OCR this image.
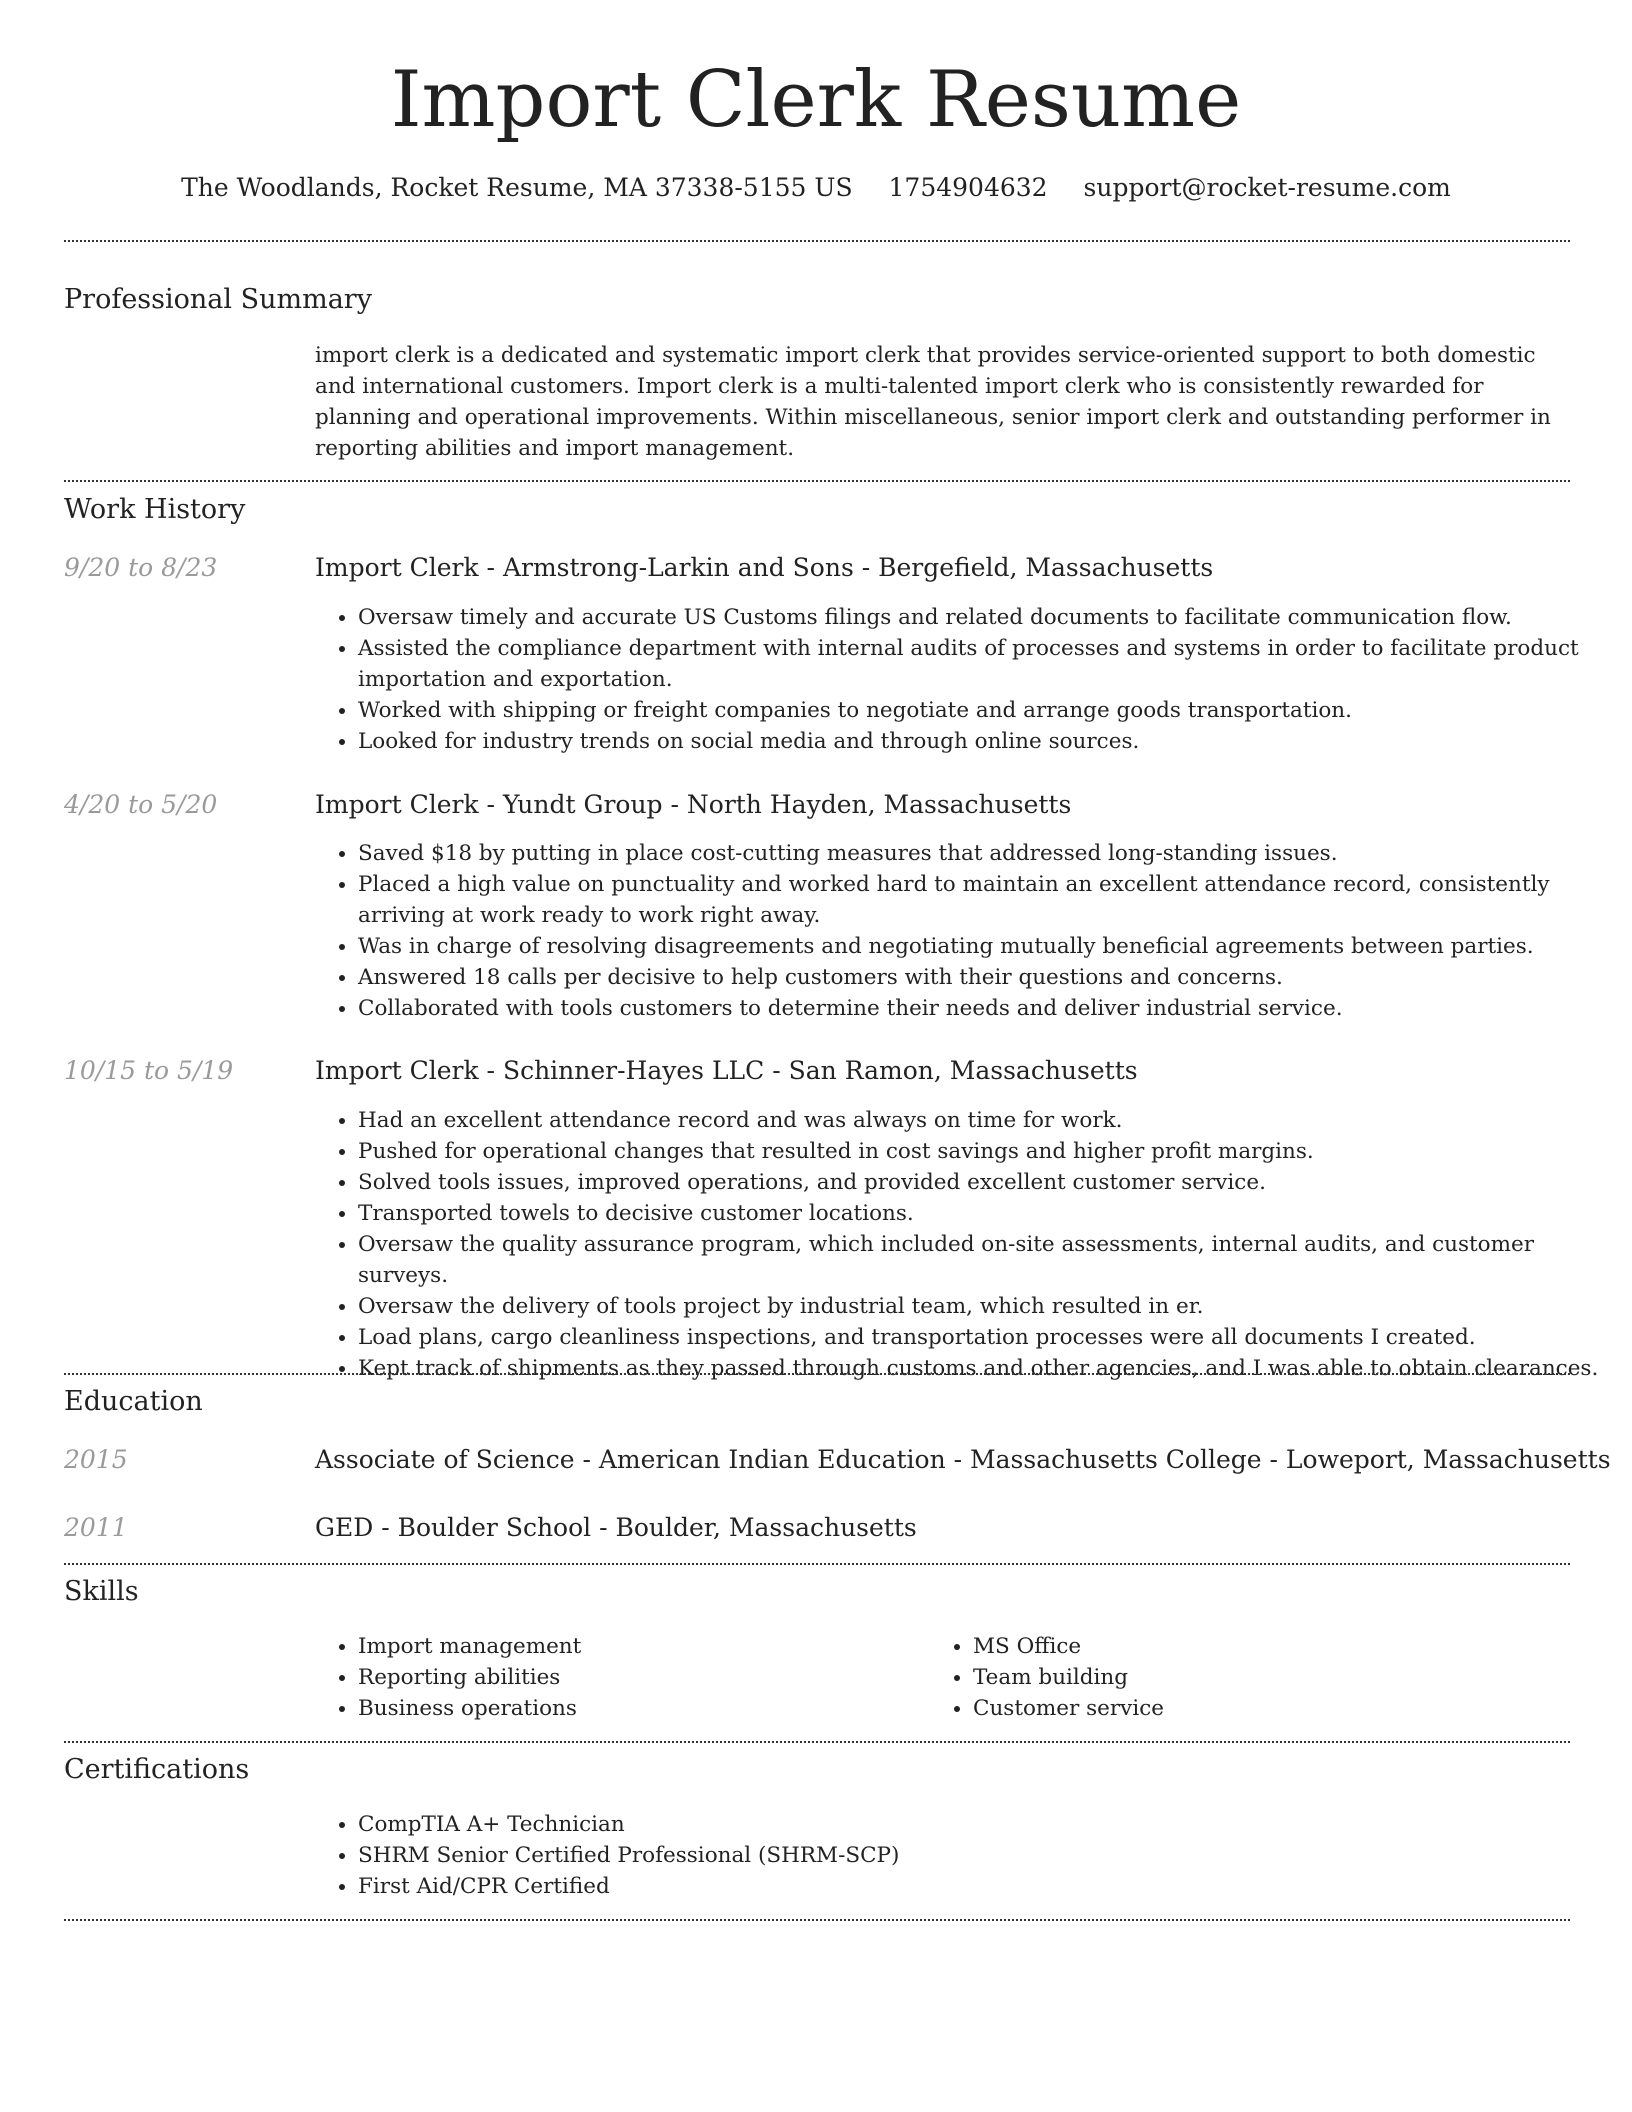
Import Clerk Resume
The Woodlands, Rocket Resume, MA 37338-5155 US 1754904632 support@rocket-resume.com
Professional Summary

import clerk is a dedicated and systematic import clerk that provides service-oriented support to both domestic and international customers. Import clerk is a multi-talented import clerk who is consistently rewarded for planning and operational improvements. Within miscellaneous, senior import clerk and outstanding performer in reporting abilities and import management.

Work History
9/20 to 8/23	Import Clerk - Armstrong-Larkin and Sons - Bergefield, Massachusetts
• Oversaw timely and accurate US Customs filings and related documents to facilitate communication flow.
• Assisted the compliance department with internal audits of processes and systems in order to facilitate product importation and exportation.
• Worked with shipping or freight companies to negotiate and arrange goods transportation.
• Looked for industry trends on social media and through online sources.
4/20 to 5/20	Import Clerk - Yundt Group - North Hayden, Massachusetts
• Saved $18 by putting in place cost-cutting measures that addressed long-standing issues.
• Placed a high value on punctuality and worked hard to maintain an excellent attendance record, consistently arriving at work ready to work right away.
• Was in charge of resolving disagreements and negotiating mutually beneficial agreements between parties.
• Answered 18 calls per decisive to help customers with their questions and concerns.
• Collaborated with tools customers to determine their needs and deliver industrial service.
10/15 to 5/19	Import Clerk - Schinner-Hayes LLC - San Ramon, Massachusetts
• Had an excellent attendance record and was always on time for work.
• Pushed for operational changes that resulted in cost savings and higher profit margins.
• Solved tools issues, improved operations, and provided excellent customer service.
• Transported towels to decisive customer locations.
• Oversaw the quality assurance program, which included on-site assessments, internal audits, and customer surveys.
• Oversaw the delivery of tools project by industrial team, which resulted in er.
• Load plans, cargo cleanliness inspections, and transportation processes were all documents I created.
• Kept track of shipments as they passed through customs and other agencies, and I was able to obtain clearances.
Education
2015	Associate of Science - American Indian Education - Massachusetts College - Loweport, Massachusetts
2011	GED - Boulder School - Boulder, Massachusetts
Skills
• Import management
• Reporting abilities
• Business operations
• MS Office
• Team building
• Customer service
Certifications
• CompTIA A+ Technician
• SHRM Senior Certified Professional (SHRM-SCP)
• First Aid/CPR Certified
